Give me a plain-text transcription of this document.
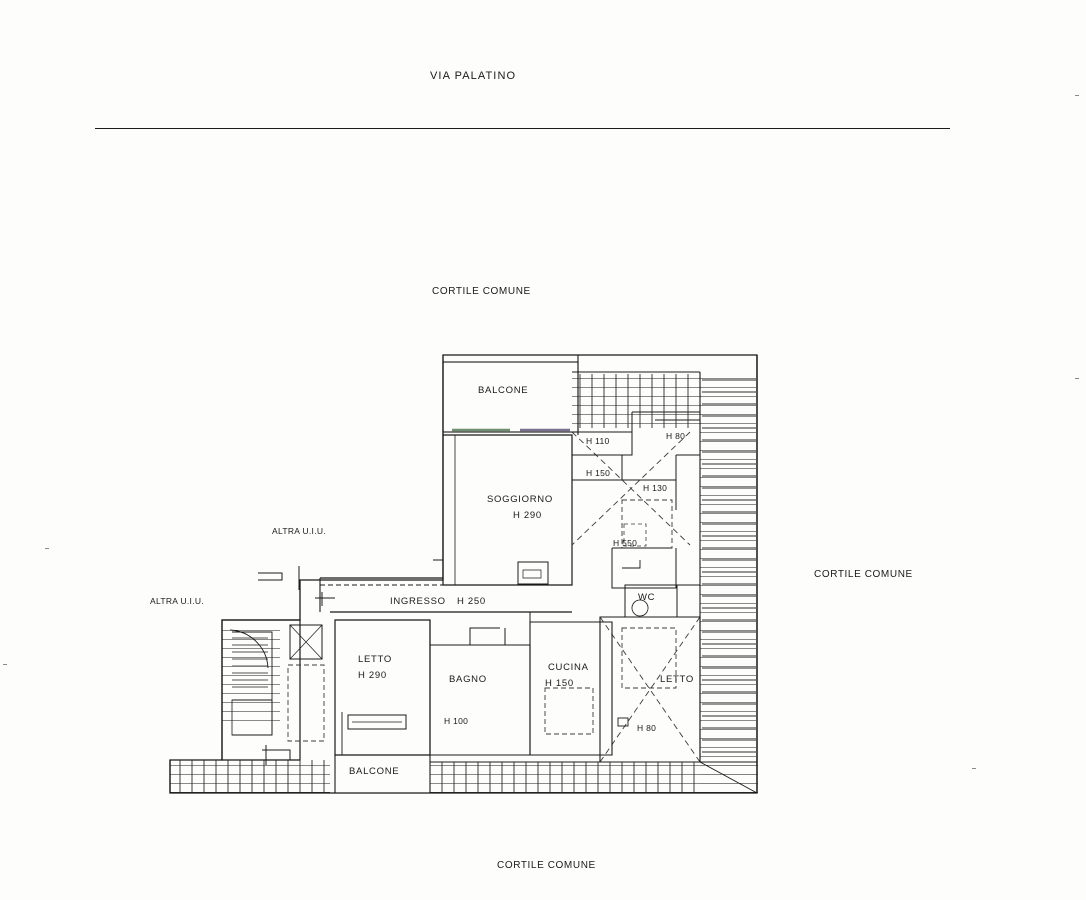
VIA PALATINO
CORTILE COMUNE
CORTILE COMUNE
CORTILE COMUNE
ALTRA U.I.U.
ALTRA U.I.U.
BALCONE
SOGGIORNO
H 290
INGRESSO H 250
LETTO
H 290	BAGNO
CUCINA
H 150
WC
LETTO
BALCONE
H 110	H 80
H 150
H 130
H 550
H 100
H 80
